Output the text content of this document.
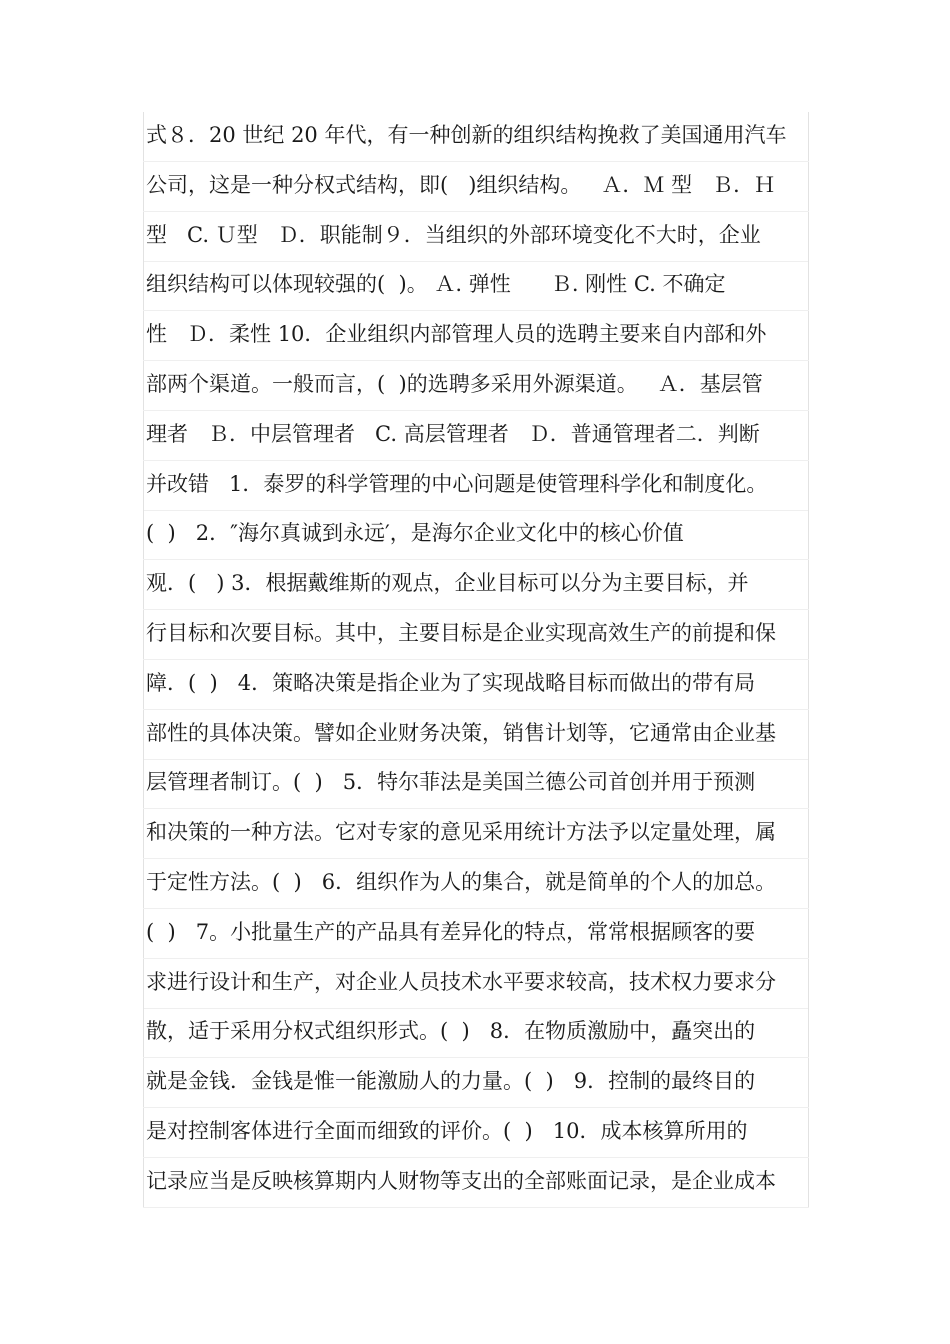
式８．20 世纪 20 年代，有一种创新的组织结构挽救了美国通用汽车
公司，这是一种分权式结构，即(   )组织结构。   Ａ．Ｍ 型   Ｂ．Ｈ
型   C. Ｕ型   Ｄ．职能制９．当组织的外部环境变化不大时，企业
组织结构可以体现较强的(  )。 Ａ. 弹性      Ｂ. 刚性 C. 不确定
性   Ｄ．柔性 10．企业组织内部管理人员的选聘主要来自内部和外
部两个渠道。一般而言，(  )的选聘多采用外源渠道。   Ａ．基层管
理者   Ｂ．中层管理者   C. 高层管理者   Ｄ．普通管理者二．判断
并改错   1．泰罗的科学管理的中心问题是使管理科学化和制度化。
(  )   2．″海尔真诚到永远′，是海尔企业文化中的核心价值
观．(   ) 3．根据戴维斯的观点，企业目标可以分为主要目标，并
行目标和次要目标。其中，主要目标是企业实现高效生产的前提和保
障．(  )   4．策略决策是指企业为了实现战略目标而做出的带有局
部性的具体决策。譬如企业财务决策，销售计划等，它通常由企业基
层管理者制订。(  )   5．特尔菲法是美国兰德公司首创并用于预测
和决策的一种方法。它对专家的意见采用统计方法予以定量处理，属
于定性方法。(  )   6．组织作为人的集合，就是简单的个人的加总。
(  )   7。小批量生产的产品具有差异化的特点，常常根据顾客的要
求进行设计和生产，对企业人员技术水平要求较高，技术权力要求分
散，适于采用分权式组织形式。(  )   8．在物质激励中，矗突出的
就是金钱．金钱是惟一能激励人的力量。(  )   9．控制的最终目的
是对控制客体进行全面而细致的评价。(  )   10．成本核算所用的
记录应当是反映核算期内人财物等支出的全部账面记录，是企业成本
